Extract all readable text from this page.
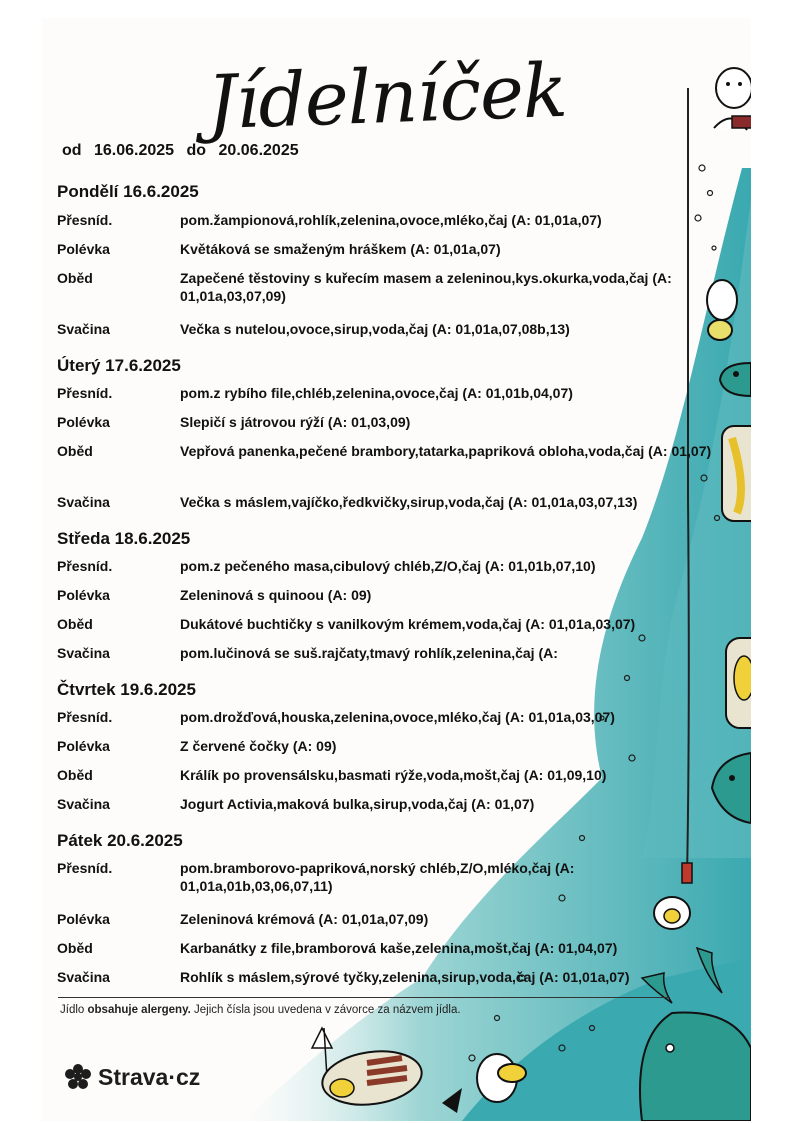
Jídelníček
od 16.06.2025 do 20.06.2025
Pondělí 16.6.2025
Přesníd.	pom.žampionová,rohlík,zelenina,ovoce,mléko,čaj (A: 01,01a,07)
Polévka	Květáková se smaženým hráškem (A: 01,01a,07)
Oběd	Zapečené těstoviny s kuřecím masem a zeleninou,kys.okurka,voda,čaj (A: 01,01a,03,07,09)
Svačina	Večka s nutelou,ovoce,sirup,voda,čaj (A: 01,01a,07,08b,13)
Úterý 17.6.2025
Přesníd.	pom.z rybího file,chléb,zelenina,ovoce,čaj (A: 01,01b,04,07)
Polévka	Slepičí s játrovou rýží (A: 01,03,09)
Oběd	Vepřová panenka,pečené brambory,tatarka,papriková obloha,voda,čaj (A: 01,07)
Svačina	Večka s máslem,vajíčko,ředkvičky,sirup,voda,čaj (A: 01,01a,03,07,13)
Středa 18.6.2025
Přesníd.	pom.z pečeného masa,cibulový chléb,Z/O,čaj (A: 01,01b,07,10)
Polévka	Zeleninová s quinoou (A: 09)
Oběd	Dukátové buchtičky s vanilkovým krémem,voda,čaj (A: 01,01a,03,07)
Svačina	pom.lučinová se suš.rajčaty,tmavý rohlík,zelenina,čaj (A:
Čtvrtek 19.6.2025
Přesníd.	pom.drožďová,houska,zelenina,ovoce,mléko,čaj (A: 01,01a,03,07)
Polévka	Z červené čočky (A: 09)
Oběd	Králík po provensálsku,basmati rýže,voda,mošt,čaj (A: 01,09,10)
Svačina	Jogurt Activia,maková bulka,sirup,voda,čaj (A: 01,07)
Pátek 20.6.2025
Přesníd.	pom.bramborovo-papriková,norský chléb,Z/O,mléko,čaj (A: 01,01a,01b,03,06,07,11)
Polévka	Zeleninová krémová (A: 01,01a,07,09)
Oběd	Karbanátky z file,bramborová kaše,zelenina,mošt,čaj (A: 01,04,07)
Svačina	Rohlík s máslem,sýrové tyčky,zelenina,sirup,voda,čaj (A: 01,01a,07)
Jídlo obsahuje alergeny. Jejich čísla jsou uvedena v závorce za názvem jídla.
Strava·cz
